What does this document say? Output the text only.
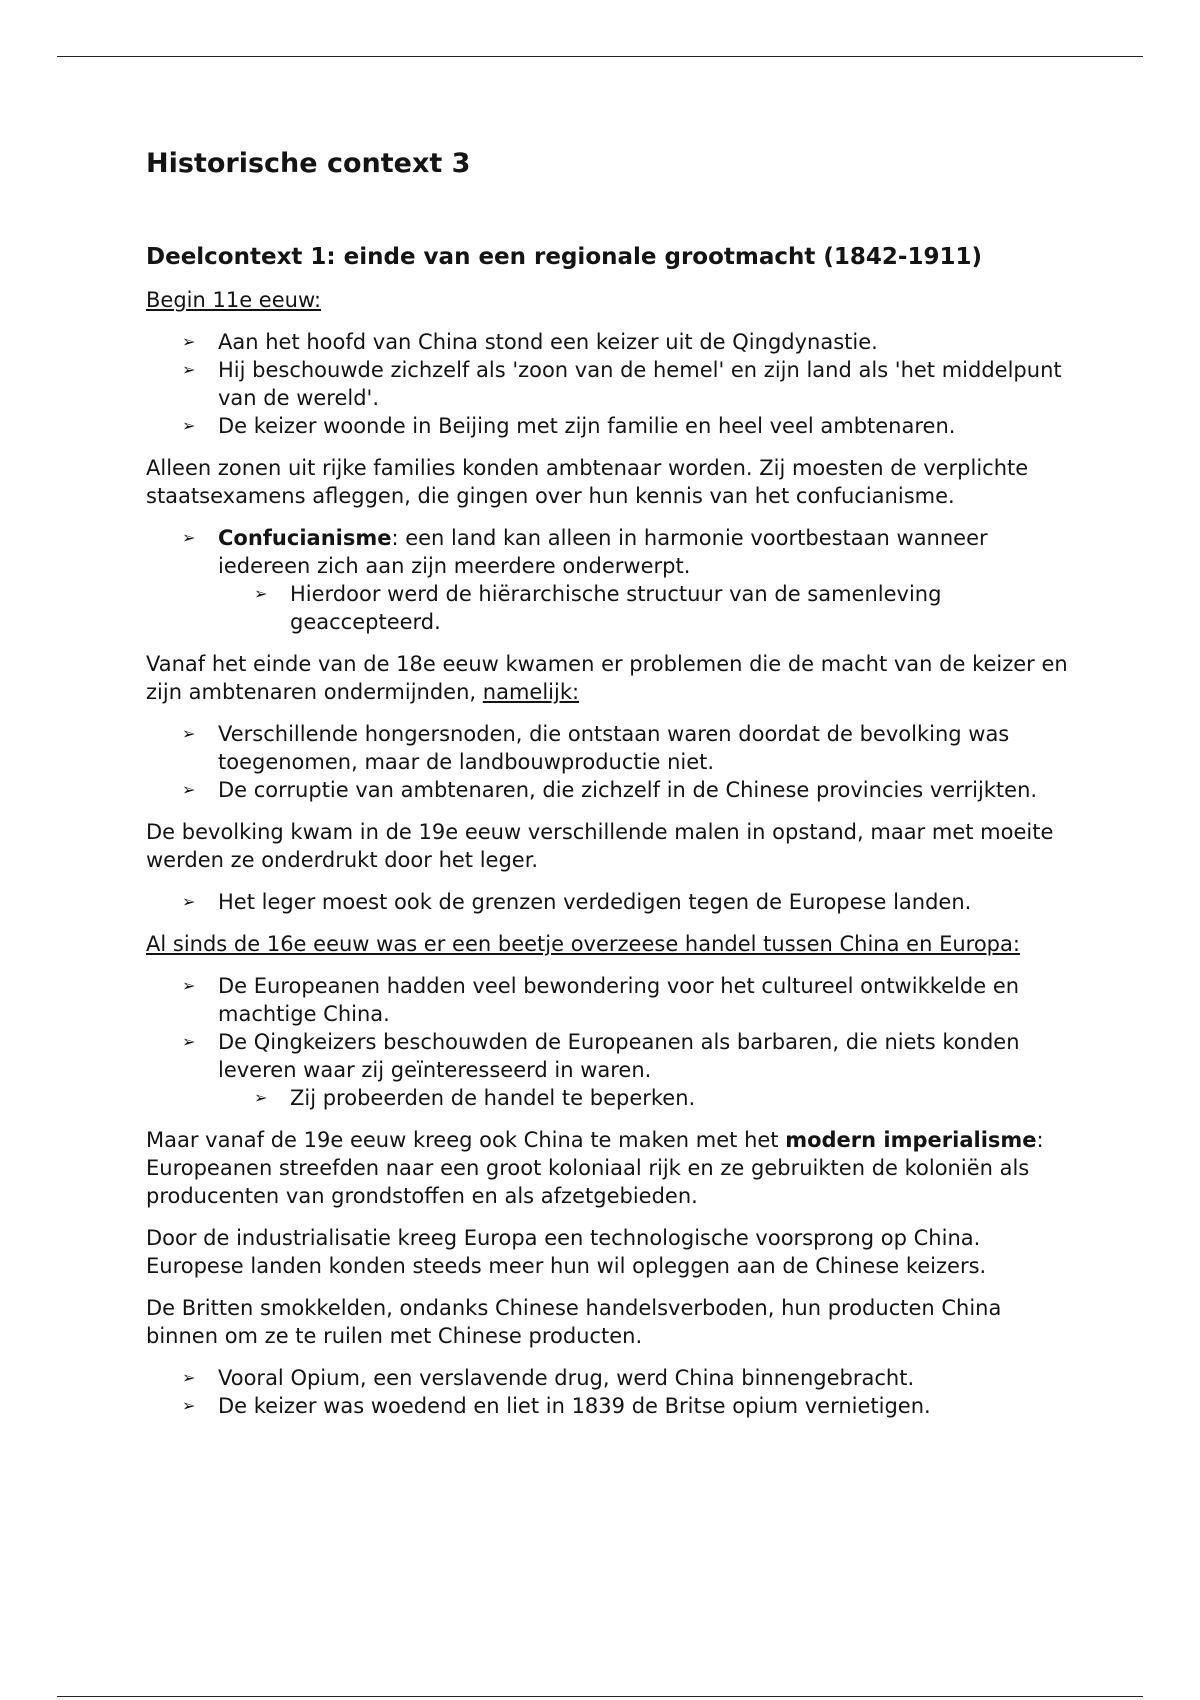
Historische context 3
Deelcontext 1: einde van een regionale grootmacht (1842-1911)

Begin 11e eeuw:

➢ Aan het hoofd van China stond een keizer uit de Qingdynastie.
➢ Hij beschouwde zichzelf als 'zoon van de hemel' en zijn land als 'het middelpunt van de wereld'.
➢ De keizer woonde in Beijing met zijn familie en heel veel ambtenaren.

Alleen zonen uit rijke families konden ambtenaar worden. Zij moesten de verplichte staatsexamens afleggen, die gingen over hun kennis van het confucianisme.

➢ Confucianisme: een land kan alleen in harmonie voortbestaan wanneer iedereen zich aan zijn meerdere onderwerpt.
➢ Hierdoor werd de hiërarchische structuur van de samenleving geaccepteerd.

Vanaf het einde van de 18e eeuw kwamen er problemen die de macht van de keizer en zijn ambtenaren ondermijnden, namelijk:

➢ Verschillende hongersnoden, die ontstaan waren doordat de bevolking was toegenomen, maar de landbouwproductie niet.
➢ De corruptie van ambtenaren, die zichzelf in de Chinese provincies verrijkten.

De bevolking kwam in de 19e eeuw verschillende malen in opstand, maar met moeite werden ze onderdrukt door het leger.

➢ Het leger moest ook de grenzen verdedigen tegen de Europese landen.

Al sinds de 16e eeuw was er een beetje overzeese handel tussen China en Europa:

➢ De Europeanen hadden veel bewondering voor het cultureel ontwikkelde en machtige China.
➢ De Qingkeizers beschouwden de Europeanen als barbaren, die niets konden leveren waar zij geïnteresseerd in waren.
➢ Zij probeerden de handel te beperken.

Maar vanaf de 19e eeuw kreeg ook China te maken met het modern imperialisme: Europeanen streefden naar een groot koloniaal rijk en ze gebruikten de koloniën als producenten van grondstoffen en als afzetgebieden.

Door de industrialisatie kreeg Europa een technologische voorsprong op China. Europese landen konden steeds meer hun wil opleggen aan de Chinese keizers.

De Britten smokkelden, ondanks Chinese handelsverboden, hun producten China binnen om ze te ruilen met Chinese producten.

➢ Vooral Opium, een verslavende drug, werd China binnengebracht.
➢ De keizer was woedend en liet in 1839 de Britse opium vernietigen.
